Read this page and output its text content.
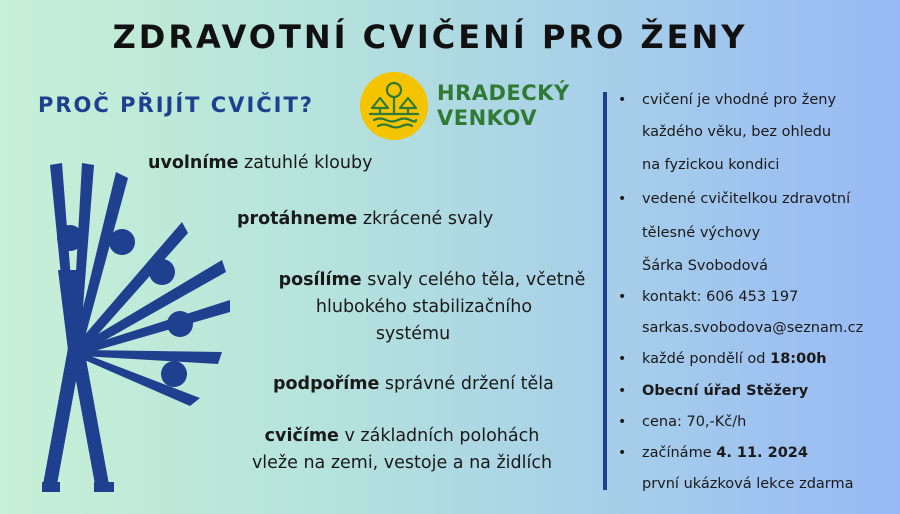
ZDRAVOTNÍ CVIČENÍ PRO ŽENY
PROČ PŘIJÍT CVIČIT?	HRADECKÝ
VENKOV
uvolníme zatuhlé klouby
protáhneme zkrácené svaly
posílíme svaly celého těla, včetně
hlubokého stabilizačního
systému
podpoříme správné držení těla
cvičíme v základních polohách
vleže na zemi, vestoje a na židlích
• cvičení je vhodné pro ženy
každého věku, bez ohledu
na fyzickou kondici
• vedené cvičitelkou zdravotní
tělesné výchovy
Šárka Svobodová
• kontakt: 606 453 197
sarkas.svobodova@seznam.cz
• každé pondělí od 18:00h
• Obecní úřad Stěžery
• cena: 70,-Kč/h
• začínáme 4. 11. 2024
první ukázková lekce zdarma
